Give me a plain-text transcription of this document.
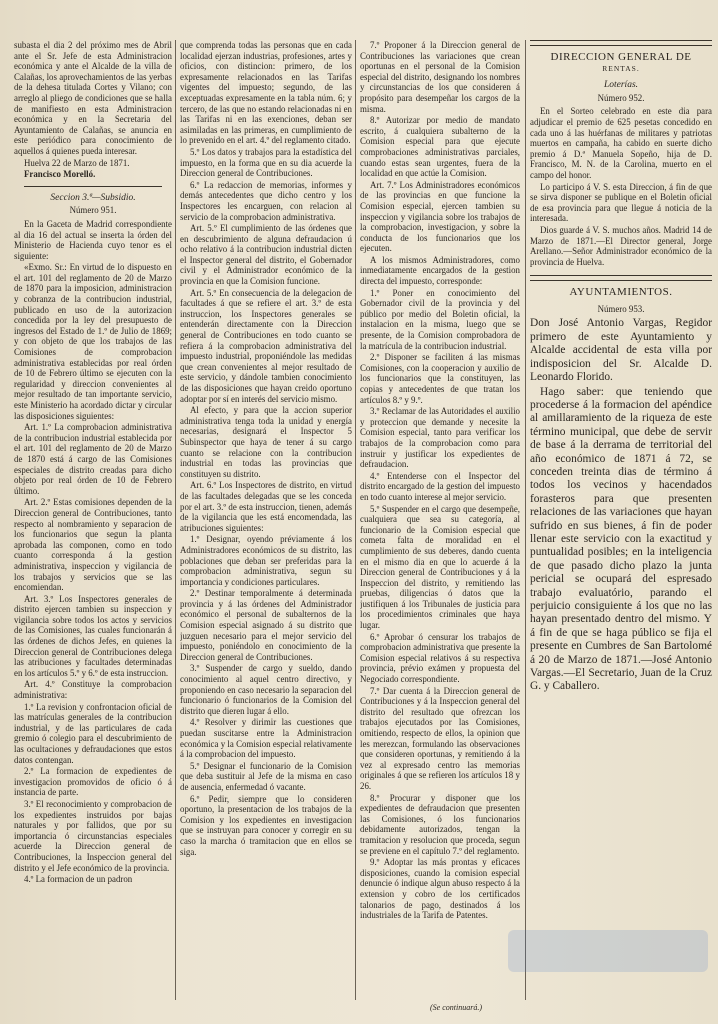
subasta el dia 2 del próximo mes de Abril ante el Sr. Jefe de esta Administracion económica y ante el Alcalde de la villa de Calañas, los aprovechamientos de las yerbas de la dehesa titulada Cortes y Vilano; con arreglo al pliego de condiciones que se halla de manifiesto en esta Administracion económica y en la Secretaria del Ayuntamiento de Calañas, se anuncia en este periódico para conocimiento de aquellos á quienes pueda interesar.

Huelva 22 de Marzo de 1871.

Francisco Morelló.

Seccion 3.ª—Subsidio.
Número 951.

En la Gaceta de Madrid correspondiente al dia 16 del actual se inserta la órden del Ministerio de Hacienda cuyo tenor es el siguiente:

«Exmo. Sr.: En virtud de lo dispuesto en el art. 101 del reglamento de 20 de Marzo de 1870 para la imposicion, administracion y cobranza de la contribucion industrial, publicado en uso de la autorizacion concedida por la ley del presupuesto de ingresos del Estado de 1.º de Julio de 1869; y con objeto de que los trabajos de las Comisiones de comprobacion administrativa establecidas por real órden de 10 de Febrero último se ejecuten con la regularidad y direccion convenientes al mejor resultado de tan importante servicio, este Ministerio ha acordado dictar y circular las disposiciones siguientes:

Art. 1.º La comprobacion administrativa de la contribucion industrial establecida por el art. 101 del reglamento de 20 de Marzo de 1870 está á cargo de las Comisiones especiales de distrito creadas para dicho objeto por real órden de 10 de Febrero último.

Art. 2.º Estas comisiones dependen de la Direccion general de Contribuciones, tanto respecto al nombramiento y separacion de los funcionarios que segun la planta aprobada las componen, como en todo cuanto corresponda á la gestion administrativa, inspeccion y vigilancia de los trabajos y servicios que se las encomiendan.

Art. 3.º Los Inspectores generales de distrito ejercen tambien su inspeccion y vigilancia sobre todos los actos y servicios de las Comisiones, las cuales funcionarán á las órdenes de dichos Jefes, en quienes la Direccion general de Contribuciones delega las atribuciones y facultades determinadas en los artículos 5.º y 6.º de esta instruccion.

Art. 4.º Constituye la comprobacion administrativa:

1.º La revision y confrontacion oficial de las matrículas generales de la contribucion industrial, y de las particulares de cada gremio ó colegio para el descubrimiento de las ocultaciones y defraudaciones que estos datos contengan.

2.º La formacion de expedientes de investigacion promovidos de oficio ó á instancia de parte.

3.º El reconocimiento y comprobacion de los expedientes instruidos por bajas naturales y por fallidos, que por su importancia ó circunstancias especiales acuerde la Direccion general de Contribuciones, la Inspeccion general del distrito y el Jefe económico de la provincia.

4.º La formacion de un padron

que comprenda todas las personas que en cada localidad ejerzan industrias, profesiones, artes y oficios, con distincion: primero, de los expresamente relacionados en las Tarifas vigentes del impuesto; segundo, de las exceptuadas expresamente en la tabla núm. 6; y tercero, de las que no estando relacionadas ni en las Tarifas ni en las exenciones, deban ser asimiladas en las primeras, en cumplimiento de lo prevenido en el art. 4.º del reglamento citado.

5.º Los datos y trabajos para la estadística del impuesto, en la forma que en su dia acuerde la Direccion general de Contribuciones.

6.º La redaccion de memorias, informes y demás antecedentes que dicho centro y los Inspectores les encarguen, con relacion al servicio de la comprobacion administrativa.

Art. 5.º El cumplimiento de las órdenes que en descubrimiento de alguna defraudacion ú ocho relativo á la contribucion industrial dicten el Inspector general del distrito, el Gobernador civil y el Administrador económico de la provincia en que la Comision funcione.

Art. 5.º En consecuencia de la delegacion de facultades á que se refiere el art. 3.º de esta instruccion, los Inspectores generales se entenderán directamente con la Direccion general de Contribuciones en todo cuanto se refiera á la comprobacion administrativa del impuesto industrial, proponiéndole las medidas que crean convenientes al mejor resultado de este servicio, y dándole tambien conocimiento de las disposiciones que hayan creido oportuno adoptar por sí en interés del servicio mismo.

Al efecto, y para que la accion superior administrativa tenga toda la unidad y energía necesarias, designará el Inspector 5 Subinspector que haya de tener á su cargo cuanto se relacione con la contribucion industrial en todas las provincias que constituyen su distrito.

Art. 6.º Los Inspectores de distrito, en virtud de las facultades delegadas que se les conceda por el art. 3.º de esta instruccion, tienen, además de la vigilancia que les está encomendada, las atribuciones siguientes:

1.º Designar, oyendo préviamente á los Administradores económicos de su distrito, las poblaciones que deban ser preferidas para la comprobacion administrativa, segun su importancia y condiciones particulares.

2.º Destinar temporalmente á determinada provincia y á las órdenes del Administrador económico el personal de subalternos de la Comision especial asignado á su distrito que juzguen necesario para el mejor servicio del impuesto, poniéndolo en conocimiento de la Direccion general de Contribuciones.

3.º Suspender de cargo y sueldo, dando conocimiento al aquel centro directivo, y proponiendo en caso necesario la separacion del funcionario ó funcionarios de la Comision del distrito que dieren lugar á ello.

4.º Resolver y dirimir las cuestiones que puedan suscitarse entre la Administracion económica y la Comision especial relativamente á la comprobacion del impuesto.

5.º Designar el funcionario de la Comision que deba sustituir al Jefe de la misma en caso de ausencia, enfermedad ó vacante.

6.º Pedir, siempre que lo consideren oportuno, la presentacion de los trabajos de la Comision y los expedientes en investigacion que se instruyan para conocer y corregir en su caso la marcha ó tramitacion que en ellos se siga.

7.º Proponer á la Direccion general de Contribuciones las variaciones que crean oportunas en el personal de la Comision especial del distrito, designando los nombres y circunstancias de los que consideren á propósito para desempeñar los cargos de la misma.

8.º Autorizar por medio de mandato escrito, á cualquiera subalterno de la Comision especial para que ejecute comprobaciones administrativas parciales, cuando estas sean urgentes, fuera de la localidad en que actúe la Comision.

Art. 7.º Los Administradores económicos de las provincias en que funcione la Comision especial, ejercen tambien su inspeccion y vigilancia sobre los trabajos de la comprobacion, investigacion, y sobre la conducta de los funcionarios que los ejecuten.

A los mismos Administradores, como inmediatamente encargados de la gestion directa del impuesto, corresponde:

1.º Poner en conocimiento del Gobernador civil de la provincia y del público por medio del Boletin oficial, la instalacion en la misma, luego que se presente, de la Comision comprobadora de la matrícula de la contribucion industrial.

2.º Disponer se faciliten á las mismas Comisiones, con la cooperacion y auxilio de los funcionarios que la constituyen, las copias y antecedentes de que tratan los artículos 8.º y 9.º.

3.º Reclamar de las Autoridades el auxilio y proteccion que demande y necesite la Comision especial, tanto para verificar los trabajos de la comprobacion como para instruir y justificar los expedientes de defraudacion.

4.º Entenderse con el Inspector del distrito encargado de la gestion del impuesto en todo cuanto interese al mejor servicio.

5.º Suspender en el cargo que desempeñe, cualquiera que sea su categoría, al funcionario de la Comision especial que cometa falta de moralidad en el cumplimiento de sus deberes, dando cuenta en el mismo dia en que lo acuerde á la Direccion general de Contribuciones y á la Inspeccion del distrito, y remitiendo las pruebas, diligencias ó datos que la justifiquen á los Tribunales de justicia para los procedimientos criminales que haya lugar.

6.º Aprobar ó censurar los trabajos de comprobacion administrativa que presente la Comision especial relativos á su respectiva provincia, prévio exámen y propuesta del Negociado correspondiente.

7.º Dar cuenta á la Direccion general de Contribuciones y á la Inspeccion general del distrito del resultado que ofrezcan los trabajos ejecutados por las Comisiones, omitiendo, respecto de ellos, la opinion que les merezcan, formulando las observaciones que consideren oportunas, y remitiendo á la vez al expresado centro las memorias originales á que se refieren los artículos 18 y 26.

8.º Procurar y disponer que los expedientes de defraudacion que presenten las Comisiones, ó los funcionarios debidamente autorizados, tengan la tramitacion y resolucion que proceda, segun se previene en el capítulo 7.º del reglamento.

9.º Adoptar las más prontas y eficaces disposiciones, cuando la comision especial denuncie ó indique algun abuso respecto á la extension y cobro de los certificados talonarios de pago, destinados á los industriales de la Tarifa de Patentes.

DIRECCION GENERAL DE
RENTAS.
Loterías.
Número 952.

En el Sorteo celebrado en este dia para adjudicar el premio de 625 pesetas concedido en cada uno á las huérfanas de militares y patriotas muertos en campaña, ha cabido en suerte dicho premio á D.ª Manuela Sopeño, hija de D. Francisco, M. N. de la Carolina, muerto en el campo del honor.

Lo participo á V. S. esta Direccion, á fin de que se sirva disponer se publique en el Boletin oficial de esa provincia para que llegue á noticia de la interesada.

Dios guarde á V. S. muchos años. Madrid 14 de Marzo de 1871.—El Director general, Jorge Arellano.—Señor Administrador económico de la provincia de Huelva.

AYUNTAMIENTOS.
Número 953.

Don José Antonio Vargas, Regidor primero de este Ayuntamiento y Alcalde accidental de esta villa por indisposicion del Sr. Alcalde D. Leonardo Florido.

Hago saber: que teniendo que procederse á la formacion del apéndice al amillaramiento de la riqueza de este término municipal, que debe de servir de base á la derrama de territorial del año económico de 1871 á 72, se conceden treinta dias de término á todos los vecinos y hacendados forasteros para que presenten relaciones de las variaciones que hayan sufrido en sus bienes, á fin de poder llenar este servicio con la exactitud y puntualidad posibles; en la inteligencia de que pasado dicho plazo la junta pericial se ocupará del espresado trabajo evaluatório, parando el perjuicio consiguiente á los que no las hayan presentado dentro del mismo. Y á fin de que se haga público se fija el presente en Cumbres de San Bartolomé á 20 de Marzo de 1871.—José Antonio Vargas.—El Secretario, Juan de la Cruz G. y Caballero.

(Se continuará.)
